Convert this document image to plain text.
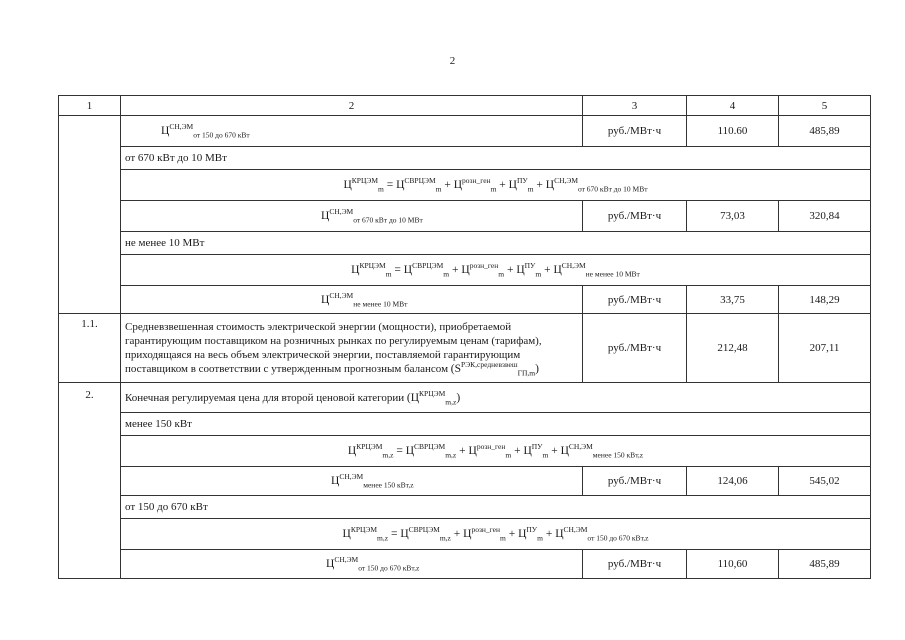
2
1	2	3	4	5
	$Ц^{СН,ЭМ}_{от 150 до 670 кВт}$	руб./МВт·ч	110.60	485,89
	от 670 кВт до 10 МВт			
	$Ц^{КРЦЭМ}_m = Ц^{СВРЦЭМ}_m + Ц^{розн\_ген}_m + Ц^{ПУ}_m + Ц^{СН,ЭМ}_{от 670 кВт до 10 МВт}$
	$Ц^{СН,ЭМ}_{от 670 кВт до 10 МВт}$	руб./МВт·ч	73,03	320,84
	не менее 10 МВт			
	$Ц^{КРЦЭМ}_m = Ц^{СВРЦЭМ}_m + Ц^{розн\_ген}_m + Ц^{ПУ}_m + Ц^{СН,ЭМ}_{не менее 10 МВт}$
	$Ц^{СН,ЭМ}_{не менее 10 МВт}$	руб./МВт·ч	33,75	148,29
1.1.	Средневзвешенная стоимость электрической энергии (мощности), приобретаемой гарантирующим поставщиком на розничных рынках по регулируемым ценам (тарифам), приходящаяся на весь объем электрической энергии, поставляемой гарантирующим поставщиком в соответствии с утвержденным прогнозным балансом $(S^{РЭК,средневзвеш}_{ГП,m})$	руб./МВт·ч	212,48	207,11
2.	Конечная регулируемая цена для второй ценовой категории $(Ц^{КРЦЭМ}_{m,z})$			
	менее 150 кВт			
	$Ц^{КРЦЭМ}_{m,z} = Ц^{СВРЦЭМ}_{m,z} + Ц^{розн\_ген}_m + Ц^{ПУ}_m + Ц^{СН,ЭМ}_{менее 150 кВт,z}$
	$Ц^{СН,ЭМ}_{менее 150 кВт,z}$	руб./МВт·ч	124,06	545,02
	от 150 до 670 кВт			
	$Ц^{КРЦЭМ}_{m,z} = Ц^{СВРЦЭМ}_{m,z} + Ц^{розн\_ген}_m + Ц^{ПУ}_m + Ц^{СН,ЭМ}_{от 150 до 670 кВт,z}$
	$Ц^{СН,ЭМ}_{от 150 до 670 кВт,z}$	руб./МВт·ч	110,60	485,89
